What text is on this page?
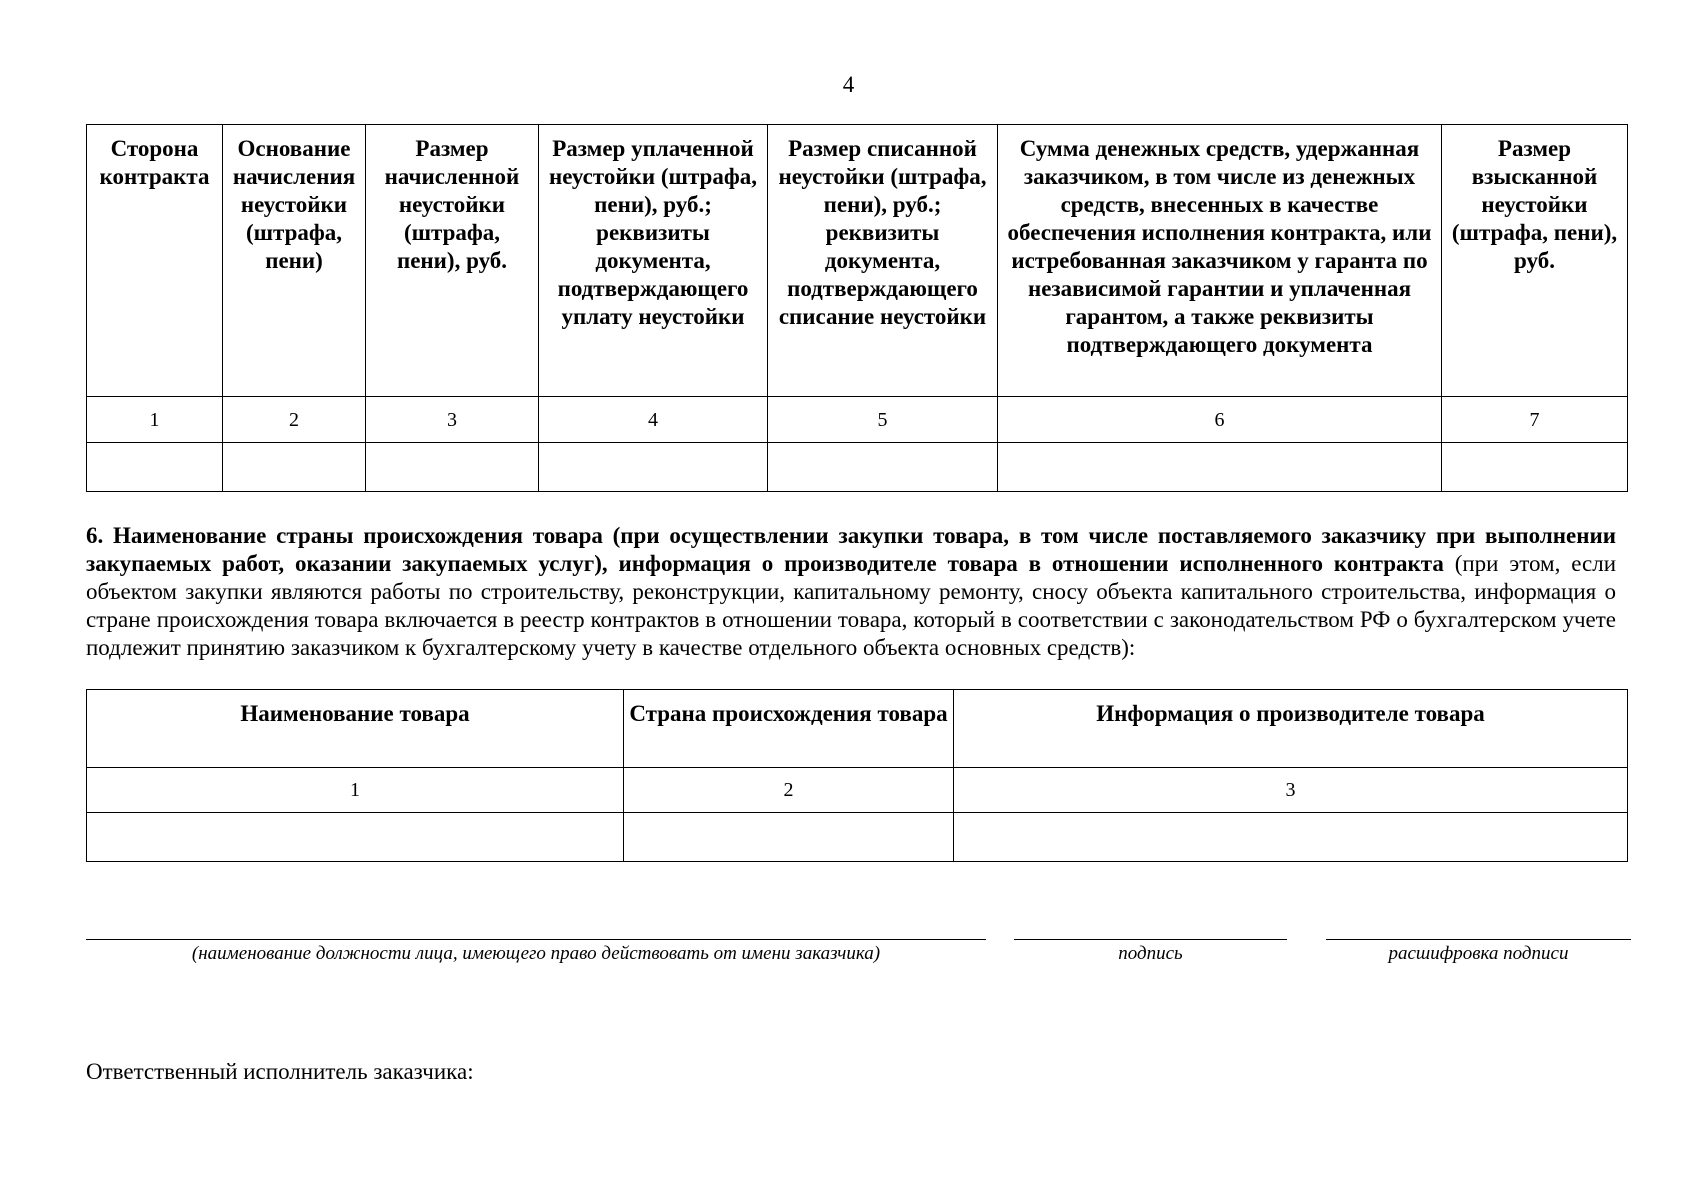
4
Сторона контракта	Основание начисления неустойки (штрафа, пени)	Размер начисленной неустойки (штрафа, пени), руб.	Размер уплаченной неустойки (штрафа, пени), руб.; реквизиты документа, подтверждающего уплату неустойки	Размер списанной неустойки (штрафа, пени), руб.; реквизиты документа, подтверждающего списание неустойки	Сумма денежных средств, удержанная заказчиком, в том числе из денежных средств, внесенных в качестве обеспечения исполнения контракта, или истребованная заказчиком у гаранта по независимой гарантии и уплаченная гарантом, а также реквизиты подтверждающего документа	Размер взысканной неустойки (штрафа, пени), руб.
1	2	3	4	5	6	7

6. Наименование страны происхождения товара (при осуществлении закупки товара, в том числе поставляемого заказчику при выполнении закупаемых работ, оказании закупаемых услуг), информация о производителе товара в отношении исполненного контракта (при этом, если объектом закупки являются работы по строительству, реконструкции, капитальному ремонту, сносу объекта капитального строительства, информация о стране происхождения товара включается в реестр контрактов в отношении товара, который в соответствии с законодательством РФ о бухгалтерском учете подлежит принятию заказчиком к бухгалтерскому учету в качестве отдельного объекта основных средств):
Наименование товара	Страна происхождения товара	Информация о производителе товара
1	2	3

(наименование должности лица, имеющего право действовать от имени заказчика)	подпись	расшифровка подписи
Ответственный исполнитель заказчика:
